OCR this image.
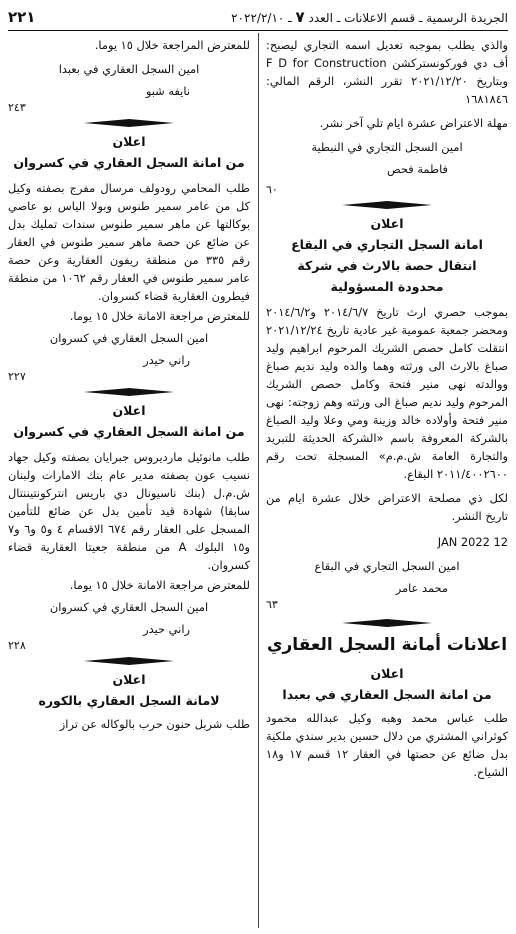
الجريدة الرسمية ـ قسم الاعلانات ـ العدد ٧ ـ ٢٠٢٢/٢/١٠
٢٢١

والذي يطلب بموجبه تعديل اسمه التجاري ليصبح: أف دي فوركونستركشن F D for Construction وبتاريخ ٢٠٢١/١٢/٢٠ تقرر النشر، الرقم المالي: ١٦٨١٨٤٦

مهلة الاعتراض عشرة ايام تلي آخر نشر.

امين السجل التجاري في النبطية

فاطمة فحص

٦٠

اعلان

امانة السجل التجاري في البقاع

انتقال حصة بالارث في شركة محدودة المسؤولية

بموجب حصري ارث تاريخ ٢٠١٤/٦/٧ و٢٠١٤/٦/٢ ومحضر جمعية عمومية غير عادية تاريخ ٢٠٢١/١٢/٢٤ انتقلت كامل حصص الشريك المرحوم ابراهيم وليد صباغ بالارث الى ورثته وهما والده وليد نديم صباغ ووالدته نهى منير فتحة وكامل حصص الشريك المرحوم وليد نديم صباغ الى ورثته وهم زوجته: نهى منير فتحة وأولاده خالد وزينة ومي وعلا وليد الصباغ بالشركة المعروفة باسم «الشركة الحديثة للتبريد والتجارة العامة ش.م.م» المسجلة تحت رقم ٢٠١١/٤٠٠٢٦٠٠ البقاع.

لكل ذي مصلحة الاعتراض خلال عشرة ايام من تاريخ النشر.

12 JAN 2022

امين السجل التجاري في البقاع

محمد عامر

٦٣

اعلانات أمانة السجل العقاري

اعلان

من امانة السجل العقاري في بعبدا

طلب عباس محمد وهبه وكيل عبدالله محمود كوثراني المشتري من دلال حسين بدير سندي ملكية بدل ضائع عن حصتها في العقار ١٢ قسم ١٧ و١٨ الشياح.

للمعترض المراجعة خلال ١٥ يوما.

امين السجل العقاري في بعبدا

نايفه شبو

٢٤٣

اعلان

من امانة السجل العقاري في كسروان

طلب المحامي رودولف مرسال مفرج بصفته وكيل كل من عامر سمير طنوس وبولا الياس بو عاصي بوكالتها عن ماهر سمير طنوس سندات تمليك بدل عن ضائع عن حصة ماهر سمير طنوس في العقار رقم ٣٣٥ من منطقة ريفون العقارية وعن حصة عامر سمير طنوس في العقار رقم ١٠٦٢ من منطقة فيطرون العقارية قضاء كسروان.

للمعترض مراجعة الامانة خلال ١٥ يوما.

امين السجل العقاري في كسروان

راني حيدر

٢٢٧

اعلان

من امانة السجل العقاري في كسروان

طلب مانوئيل مارديروس جبرايان بصفته وكيل جهاد نسيب عون بصفته مدير عام بنك الامارات ولبنان ش.م.ل (بنك ناسيونال دي باريس انتركونتيننتال سابقا) شهادة قيد تأمين بدل عن ضائع للتأمين المسجل على العقار رقم ٦٧٤ الاقسام ٤ و٥ و٦ و٧ و١٥ البلوك A من منطقة جعيتا العقارية قضاء كسروان.

للمعترض مراجعة الامانة خلال ١٥ يوما.

امين السجل العقاري في كسروان

راني حيدر

٢٢٨

اعلان

لامانة السجل العقاري بالكوره

طلب شربل حنون حرب بالوكاله عن تراز
